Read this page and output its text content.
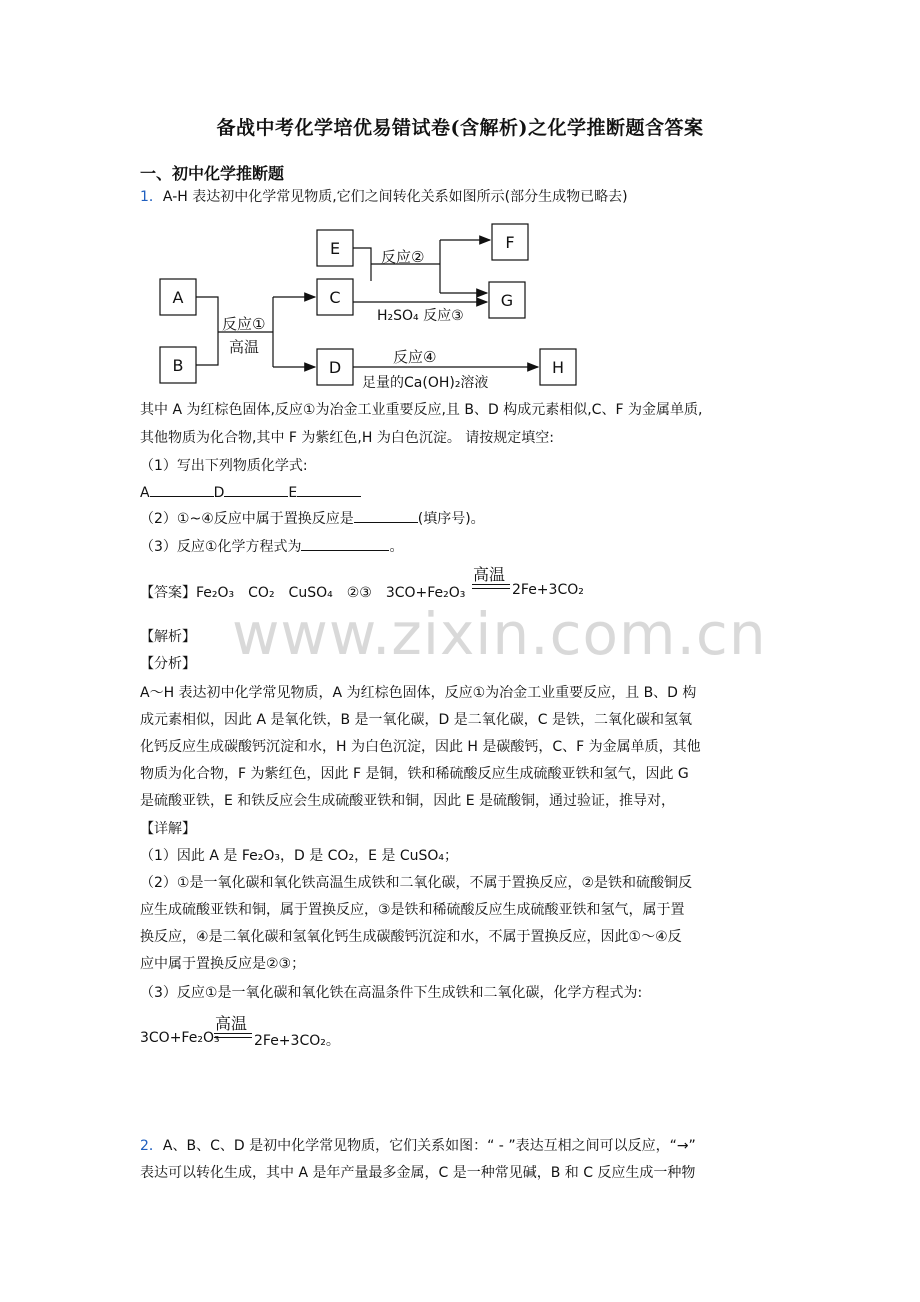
备战中考化学培优易错试卷(含解析)之化学推断题含答案
一、初中化学推断题
1．A-H 表达初中化学常见物质,它们之间转化关系如图所示(部分生成物已略去)
A
B
C
D
E	F
G
H
反应①
高温
反应②
H₂SO₄ 反应③
反应④
足量的Ca(OH)₂溶液
其中 A 为红棕色固体,反应①为冶金工业重要反应,且 B、D 构成元素相似,C、F 为金属单质,
其他物质为化合物,其中 F 为紫红色,H 为白色沉淀。 请按规定填空:
（1）写出下列物质化学式:
A	D	E
（2）①~④反应中属于置换反应是	(填序号)。
（3）反应①化学方程式为	。
【答案】Fe₂O₃　CO₂　CuSO₄　②③　3CO+Fe₂O₃
高温
2Fe+3CO₂
www.zixin.com.cn
【解析】
【分析】
A～H 表达初中化学常见物质，A 为红棕色固体，反应①为冶金工业重要反应，且 B、D 构
成元素相似，因此 A 是氧化铁，B 是一氧化碳，D 是二氧化碳，C 是铁，二氧化碳和氢氧
化钙反应生成碳酸钙沉淀和水，H 为白色沉淀，因此 H 是碳酸钙，C、F 为金属单质，其他
物质为化合物，F 为紫红色，因此 F 是铜，铁和稀硫酸反应生成硫酸亚铁和氢气，因此 G
是硫酸亚铁，E 和铁反应会生成硫酸亚铁和铜，因此 E 是硫酸铜，通过验证，推导对，
【详解】
（1）因此 A 是 Fe₂O₃，D 是 CO₂，E 是 CuSO₄；
（2）①是一氧化碳和氧化铁高温生成铁和二氧化碳，不属于置换反应，②是铁和硫酸铜反
应生成硫酸亚铁和铜，属于置换反应，③是铁和稀硫酸反应生成硫酸亚铁和氢气，属于置
换反应，④是二氧化碳和氢氧化钙生成碳酸钙沉淀和水，不属于置换反应，因此①～④反
应中属于置换反应是②③；
（3）反应①是一氧化碳和氧化铁在高温条件下生成铁和二氧化碳，化学方程式为:
3CO+Fe₂O₃
高温
2Fe+3CO₂。
2．A、B、C、D 是初中化学常见物质，它们关系如图：“ - ”表达互相之间可以反应，“→”
表达可以转化生成，其中 A 是年产量最多金属，C 是一种常见碱，B 和 C 反应生成一种物
